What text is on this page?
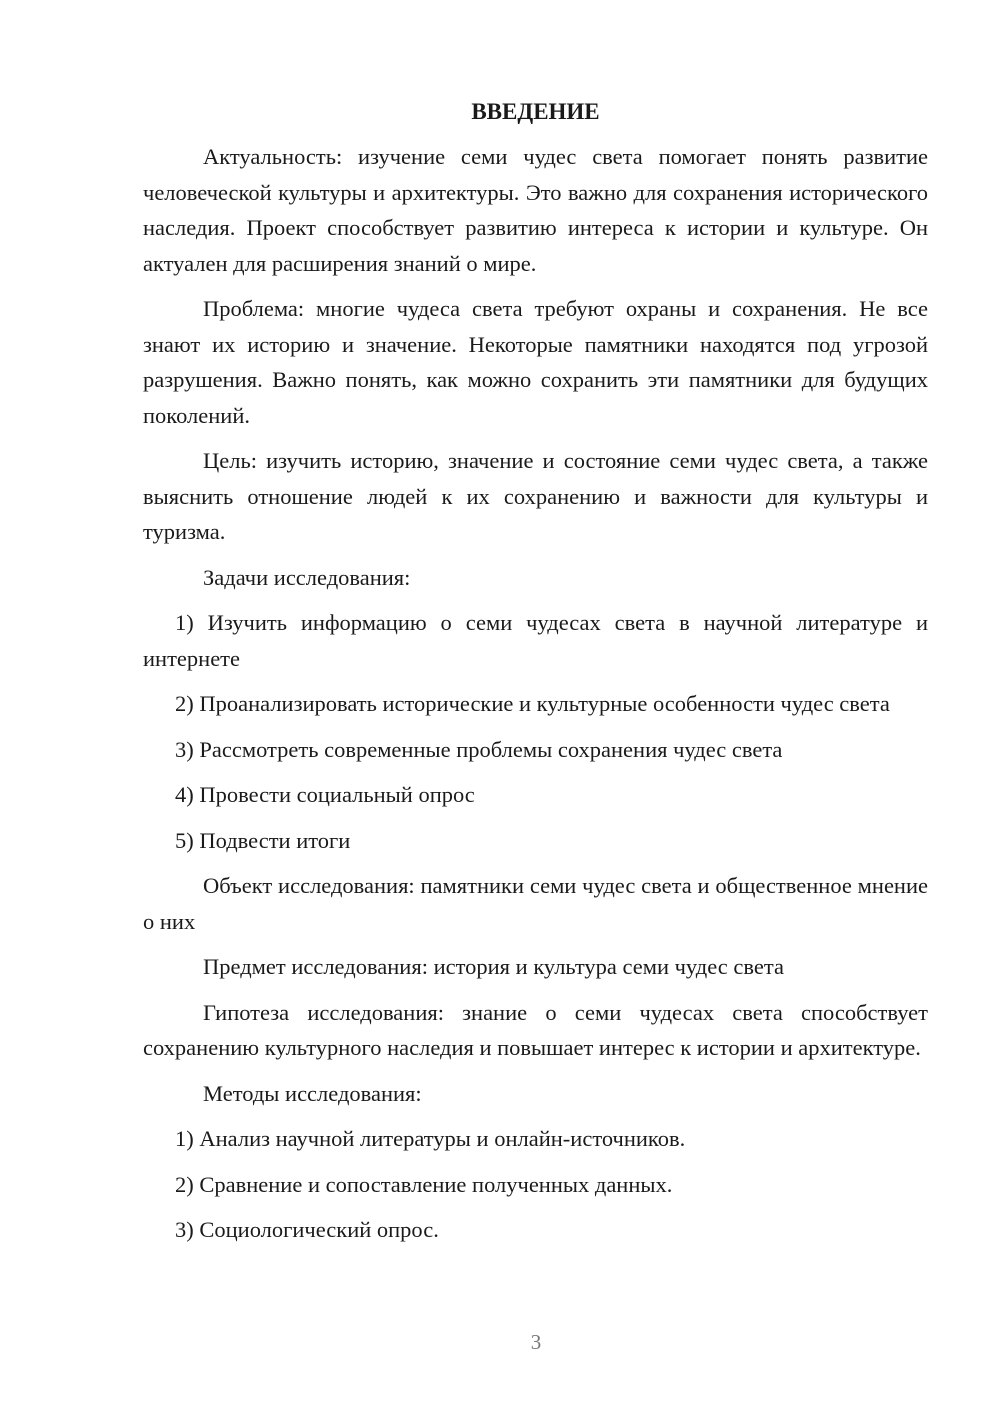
ВВЕДЕНИЕ

Актуальность: изучение семи чудес света помогает понять развитие человеческой культуры и архитектуры. Это важно для сохранения исторического наследия. Проект способствует развитию интереса к истории и культуре. Он актуален для расширения знаний о мире.

Проблема: многие чудеса света требуют охраны и сохранения. Не все знают их историю и значение. Некоторые памятники находятся под угрозой разрушения. Важно понять, как можно сохранить эти памятники для будущих поколений.

Цель: изучить историю, значение и состояние семи чудес света, а также выяснить отношение людей к их сохранению и важности для культуры и туризма.

Задачи исследования:

1) Изучить информацию о семи чудесах света в научной литературе и интернете

2) Проанализировать исторические и культурные особенности чудес света

3) Рассмотреть современные проблемы сохранения чудес света

4) Провести социальный опрос

5) Подвести итоги

Объект исследования: памятники семи чудес света и общественное мнение о них

Предмет исследования: история и культура семи чудес света

Гипотеза исследования: знание о семи чудесах света способствует сохранению культурного наследия и повышает интерес к истории и архитектуре.

Методы исследования:

1) Анализ научной литературы и онлайн-источников.

2) Сравнение и сопоставление полученных данных.

3) Социологический опрос.

3
